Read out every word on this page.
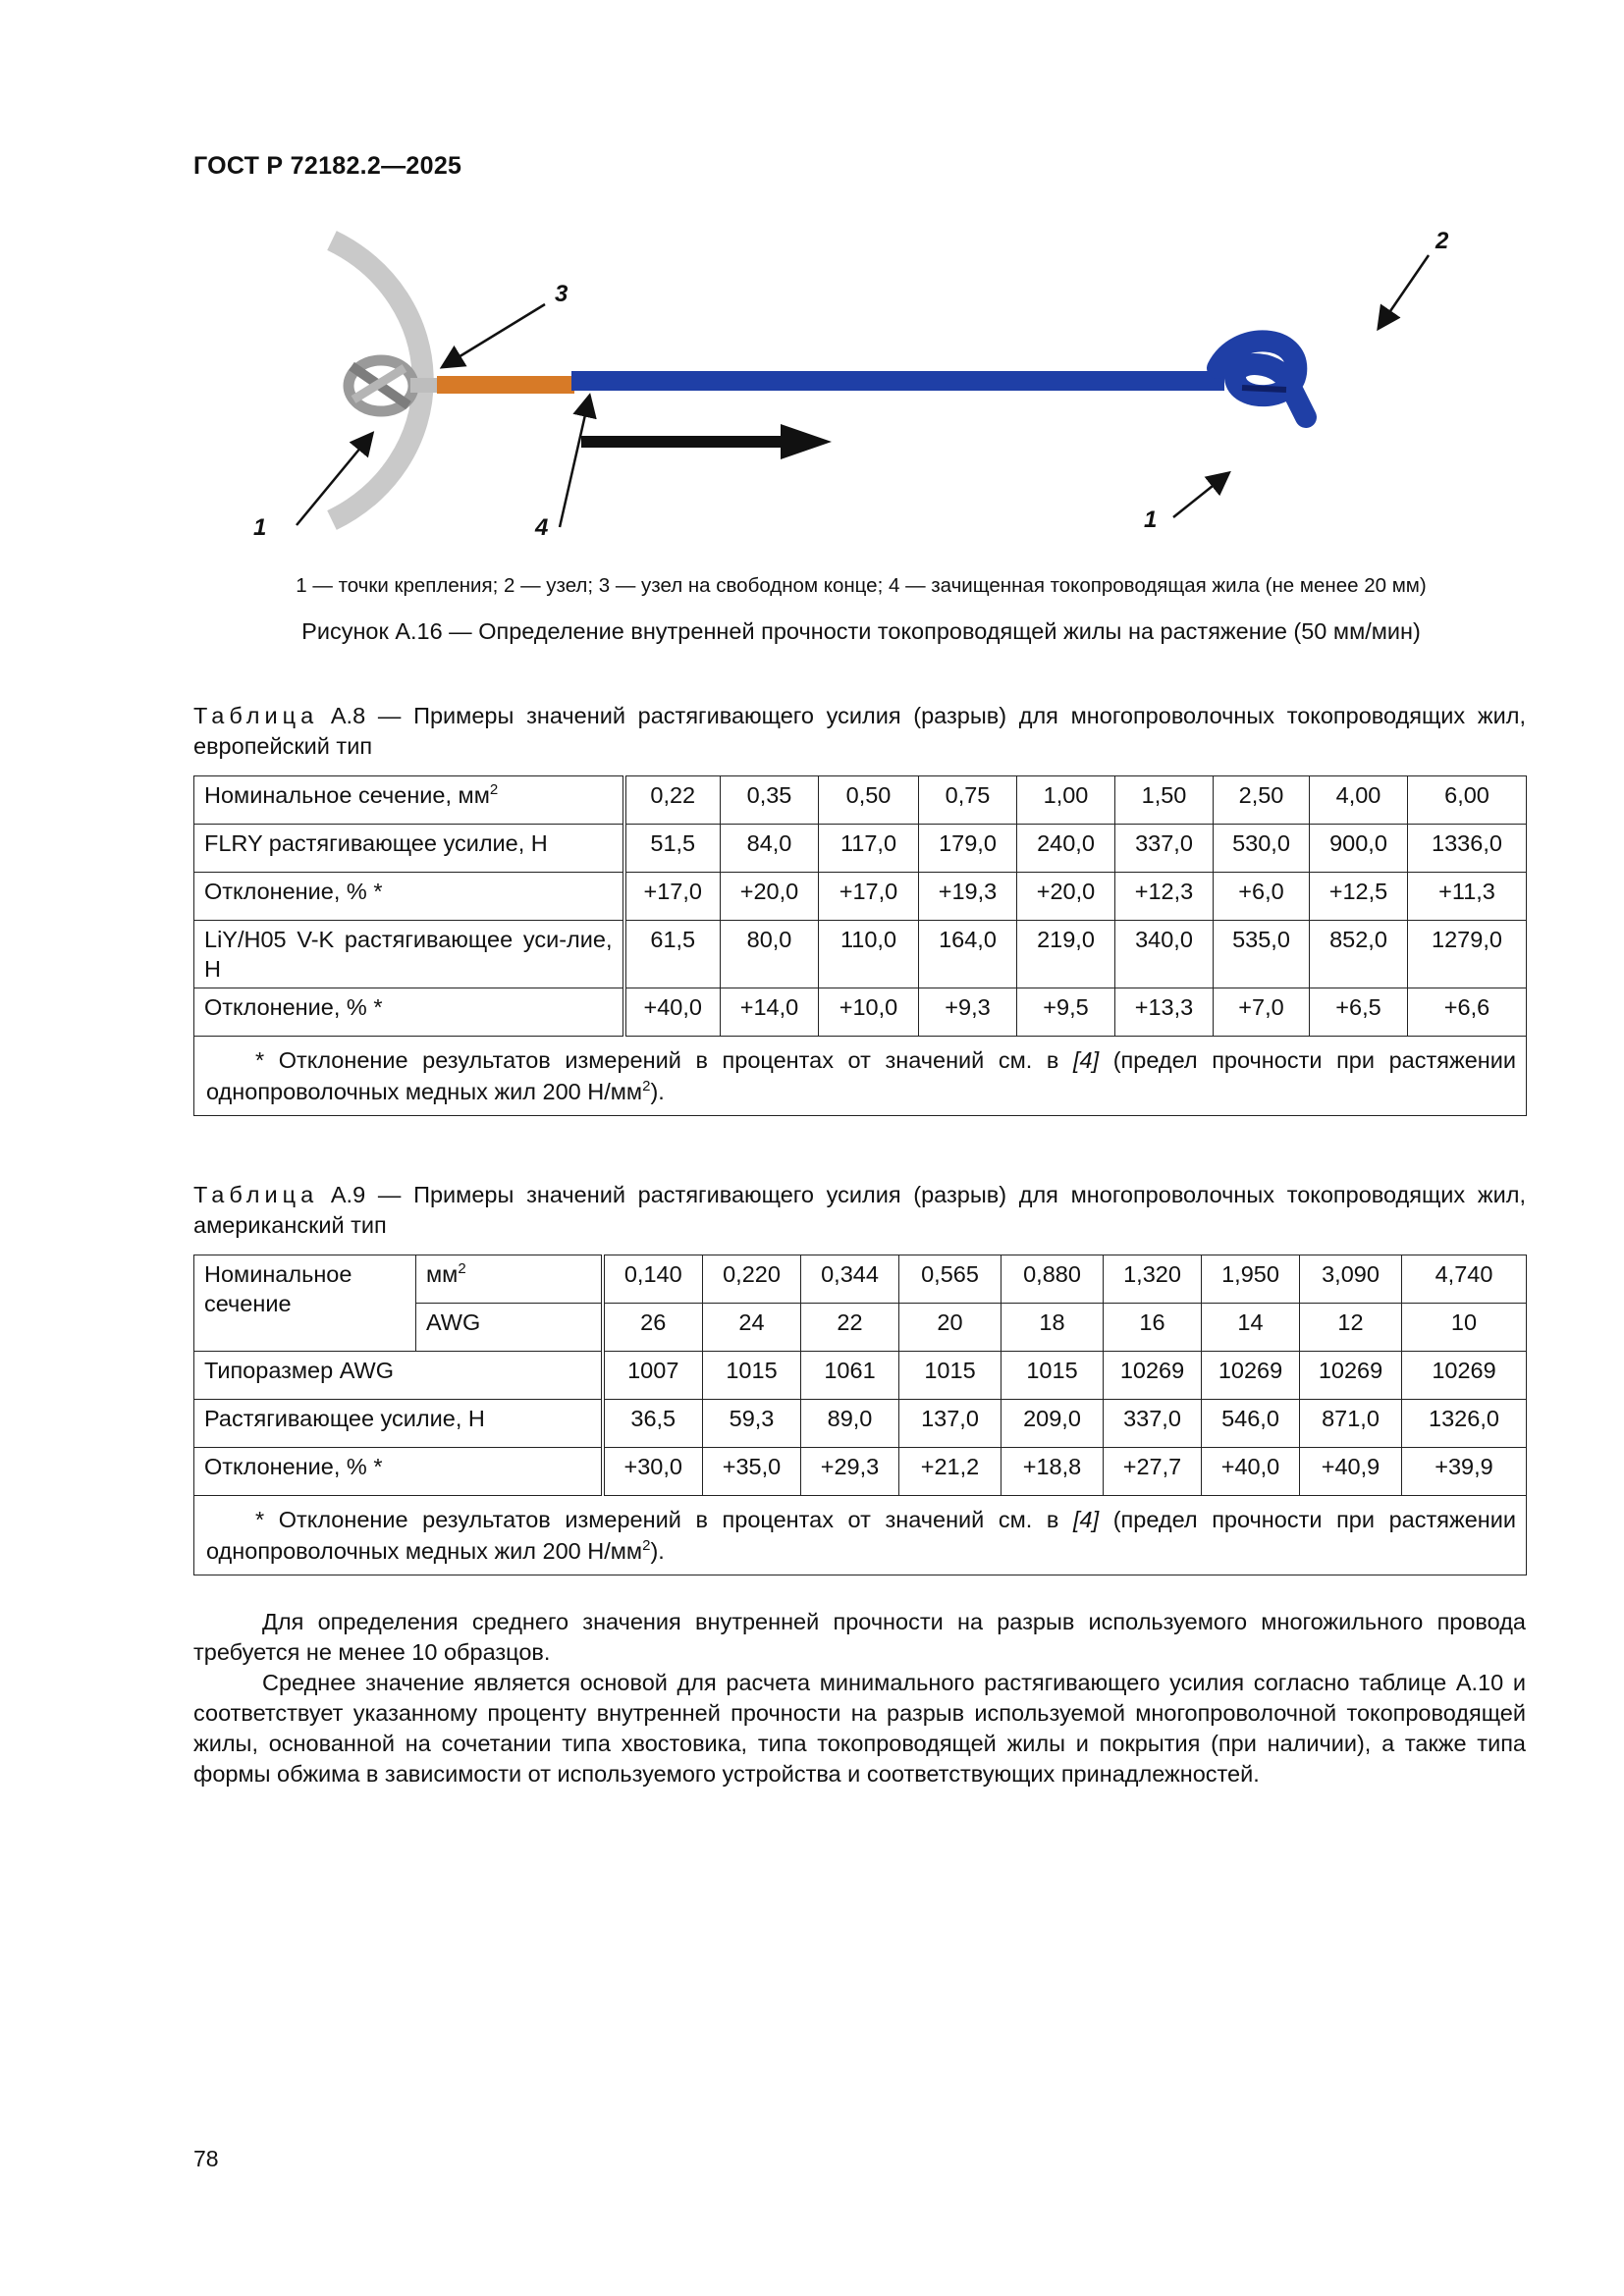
ГОСТ Р 72182.2—2025
1
2
3
4	1
1 — точки крепления; 2 — узел; 3 — узел на свободном конце; 4 — зачищенная токопроводящая жила (не менее 20 мм)
Рисунок А.16 — Определение внутренней прочности токопроводящей жилы на растяжение (50 мм/мин)
Таблица А.8 — Примеры значений растягивающего усилия (разрыв) для многопроволочных токопроводящих жил, европейский тип
Номинальное сечение, $мм^2$	0,22	0,35	0,50	0,75	1,00	1,50	2,50	4,00	6,00
FLRY растягивающее усилие, Н	51,5	84,0	117,0	179,0	240,0	337,0	530,0	900,0	1336,0
Отклонение, % *	+17,0	+20,0	+17,0	+19,3	+20,0	+12,3	+6,0	+12,5	+11,3
LiY/H05 V-K растягивающее уси-лие, Н	61,5	80,0	110,0	164,0	219,0	340,0	535,0	852,0	1279,0
Отклонение, % *	+40,0	+14,0	+10,0	+9,3	+9,5	+13,3	+7,0	+6,5	+6,6
* Отклонение результатов измерений в процентах от значений см. в [4] (предел прочности при растяжении однопроволочных медных жил 200 $Н/мм^2$).									
Таблица А.9 — Примеры значений растягивающего усилия (разрыв) для многопроволочных токопроводящих жил, американский тип
Номинальное сечение	$мм^2$	0,140	0,220	0,344	0,565	0,880	1,320	1,950	3,090	4,740
	AWG	26	24	22	20	18	16	14	12	10
Типоразмер AWG		1007	1015	1061	1015	1015	10269	10269	10269	10269
Растягивающее усилие, Н		36,5	59,3	89,0	137,0	209,0	337,0	546,0	871,0	1326,0
Отклонение, % *		+30,0	+35,0	+29,3	+21,2	+18,8	+27,7	+40,0	+40,9	+39,9
* Отклонение результатов измерений в процентах от значений см. в [4] (предел прочности при растяжении однопроволочных медных жил 200 $Н/мм^2$).										
Для определения среднего значения внутренней прочности на разрыв используемого многожильного провода требуется не менее 10 образцов.
Среднее значение является основой для расчета минимального растягивающего усилия согласно таблице А.10 и соответствует указанному проценту внутренней прочности на разрыв используемой многопроволочной токопроводящей жилы, основанной на сочетании типа хвостовика, типа токопроводящей жилы и покрытия (при наличии), а также типа формы обжима в зависимости от используемого устройства и соответствующих принадлежностей.
78
